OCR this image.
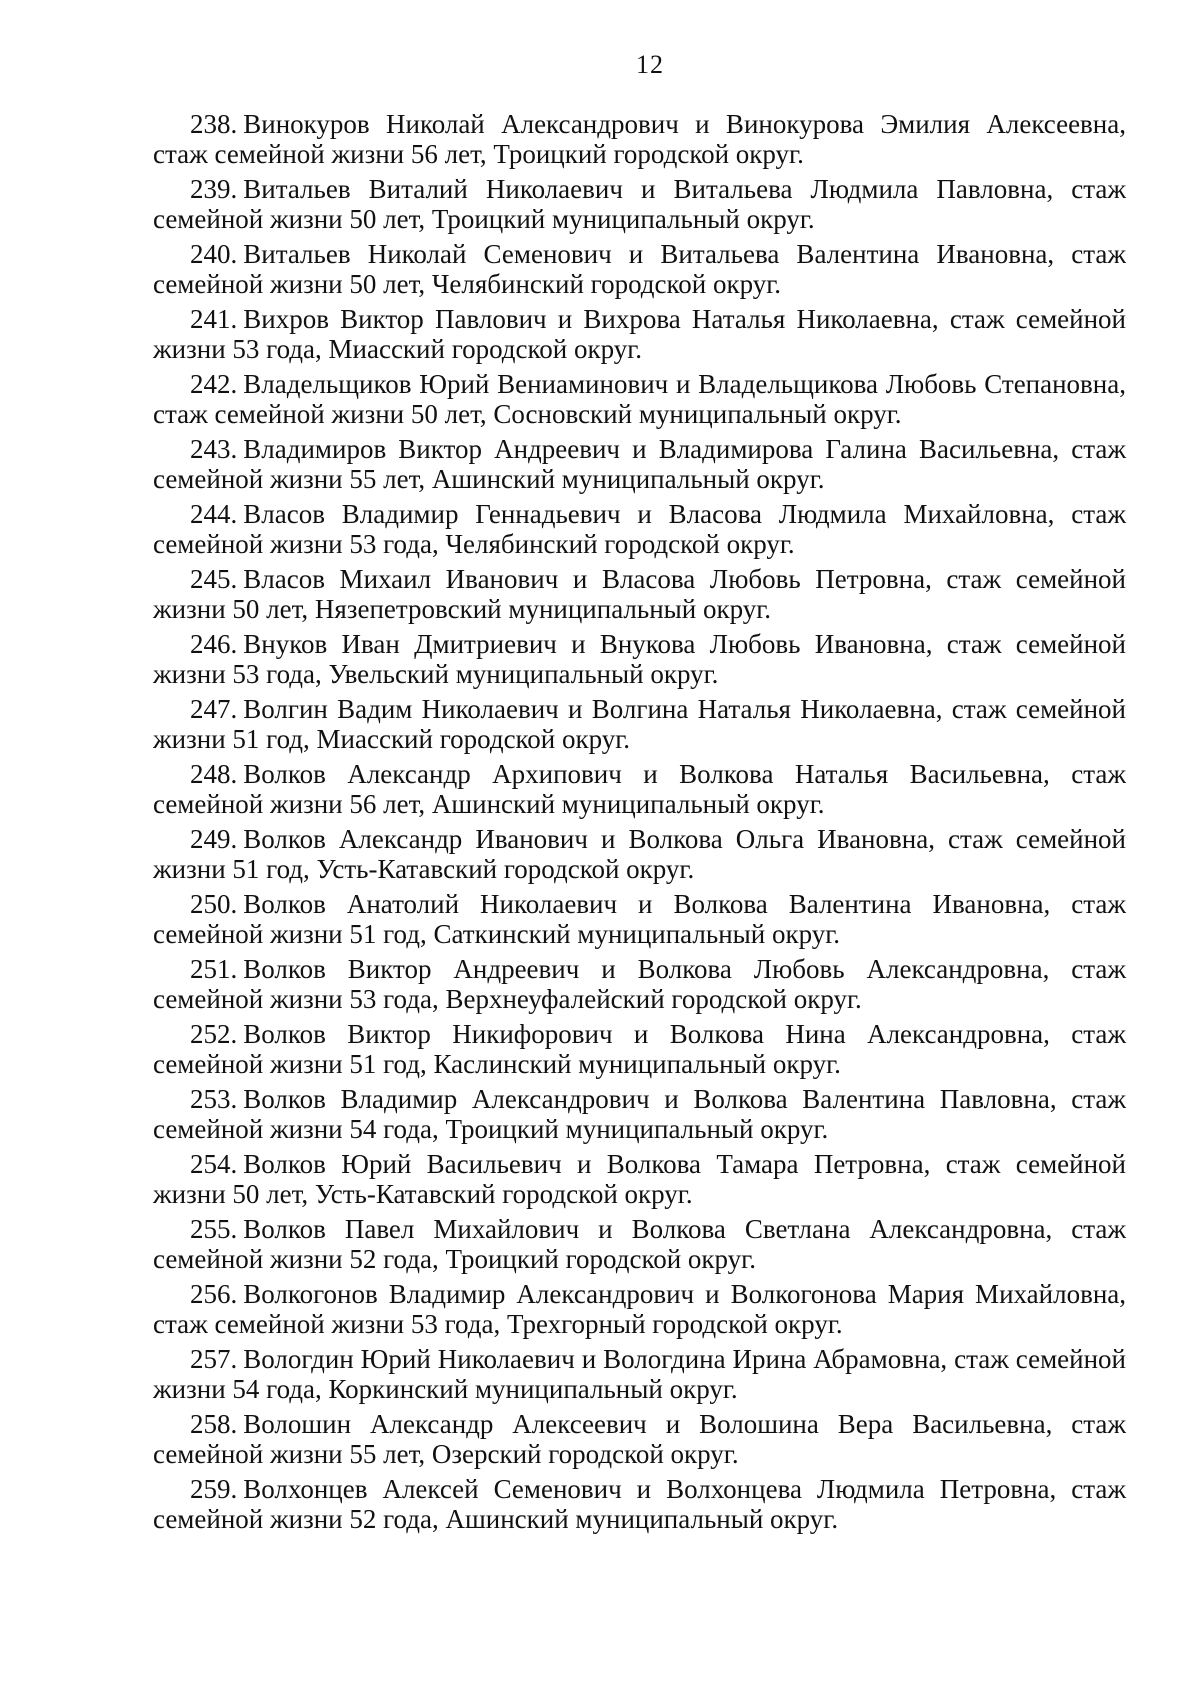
12

238. Винокуров Николай Александрович и Винокурова Эмилия Алексеевна, стаж семейной жизни 56 лет, Троицкий городской округ.

239. Витальев Виталий Николаевич и Витальева Людмила Павловна, стаж семейной жизни 50 лет, Троицкий муниципальный округ.

240. Витальев Николай Семенович и Витальева Валентина Ивановна, стаж семейной жизни 50 лет, Челябинский городской округ.

241. Вихров Виктор Павлович и Вихрова Наталья Николаевна, стаж семейной жизни 53 года, Миасский городской округ.

242. Владельщиков Юрий Вениаминович и Владельщикова Любовь Степановна, стаж семейной жизни 50 лет, Сосновский муниципальный округ.

243. Владимиров Виктор Андреевич и Владимирова Галина Васильевна, стаж семейной жизни 55 лет, Ашинский муниципальный округ.

244. Власов Владимир Геннадьевич и Власова Людмила Михайловна, стаж семейной жизни 53 года, Челябинский городской округ.

245. Власов Михаил Иванович и Власова Любовь Петровна, стаж семейной жизни 50 лет, Нязепетровский муниципальный округ.

246. Внуков Иван Дмитриевич и Внукова Любовь Ивановна, стаж семейной жизни 53 года, Увельский муниципальный округ.

247. Волгин Вадим Николаевич и Волгина Наталья Николаевна, стаж семейной жизни 51 год, Миасский городской округ.

248. Волков Александр Архипович и Волкова Наталья Васильевна, стаж семейной жизни 56 лет, Ашинский муниципальный округ.

249. Волков Александр Иванович и Волкова Ольга Ивановна, стаж семейной жизни 51 год, Усть-Катавский городской округ.

250. Волков Анатолий Николаевич и Волкова Валентина Ивановна, стаж семейной жизни 51 год, Саткинский муниципальный округ.

251. Волков Виктор Андреевич и Волкова Любовь Александровна, стаж семейной жизни 53 года, Верхнеуфалейский городской округ.

252. Волков Виктор Никифорович и Волкова Нина Александровна, стаж семейной жизни 51 год, Каслинский муниципальный округ.

253. Волков Владимир Александрович и Волкова Валентина Павловна, стаж семейной жизни 54 года, Троицкий муниципальный округ.

254. Волков Юрий Васильевич и Волкова Тамара Петровна, стаж семейной жизни 50 лет, Усть-Катавский городской округ.

255. Волков Павел Михайлович и Волкова Светлана Александровна, стаж семейной жизни 52 года, Троицкий городской округ.

256. Волкогонов Владимир Александрович и Волкогонова Мария Михайловна, стаж семейной жизни 53 года, Трехгорный городской округ.

257. Вологдин Юрий Николаевич и Вологдина Ирина Абрамовна, стаж семейной жизни 54 года, Коркинский муниципальный округ.

258. Волошин Александр Алексеевич и Волошина Вера Васильевна, стаж семейной жизни 55 лет, Озерский городской округ.

259. Волхонцев Алексей Семенович и Волхонцева Людмила Петровна, стаж семейной жизни 52 года, Ашинский муниципальный округ.
